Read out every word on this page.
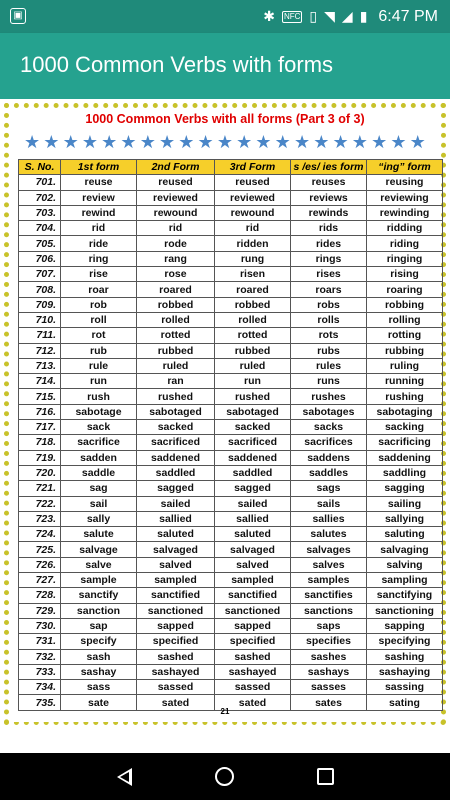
▣	✱ NFC ▯ ◥ ◢ ▮ 6:47 PM
1000 Common Verbs with forms
1000 Common Verbs with all forms (Part 3 of 3)
★ ★ ★ ★ ★ ★ ★ ★ ★ ★ ★ ★ ★ ★ ★ ★ ★ ★ ★ ★ ★
S. No.	1st form	2nd Form	3rd Form	s /es/ ies form	“ing” form
701.	reuse	reused	reused	reuses	reusing
702.	review	reviewed	reviewed	reviews	reviewing
703.	rewind	rewound	rewound	rewinds	rewinding
704.	rid	rid	rid	rids	ridding
705.	ride	rode	ridden	rides	riding
706.	ring	rang	rung	rings	ringing
707.	rise	rose	risen	rises	rising
708.	roar	roared	roared	roars	roaring
709.	rob	robbed	robbed	robs	robbing
710.	roll	rolled	rolled	rolls	rolling
711.	rot	rotted	rotted	rots	rotting
712.	rub	rubbed	rubbed	rubs	rubbing
713.	rule	ruled	ruled	rules	ruling
714.	run	ran	run	runs	running
715.	rush	rushed	rushed	rushes	rushing
716.	sabotage	sabotaged	sabotaged	sabotages	sabotaging
717.	sack	sacked	sacked	sacks	sacking
718.	sacrifice	sacrificed	sacrificed	sacrifices	sacrificing
719.	sadden	saddened	saddened	saddens	saddening
720.	saddle	saddled	saddled	saddles	saddling
721.	sag	sagged	sagged	sags	sagging
722.	sail	sailed	sailed	sails	sailing
723.	sally	sallied	sallied	sallies	sallying
724.	salute	saluted	saluted	salutes	saluting
725.	salvage	salvaged	salvaged	salvages	salvaging
726.	salve	salved	salved	salves	salving
727.	sample	sampled	sampled	samples	sampling
728.	sanctify	sanctified	sanctified	sanctifies	sanctifying
729.	sanction	sanctioned	sanctioned	sanctions	sanctioning
730.	sap	sapped	sapped	saps	sapping
731.	specify	specified	specified	specifies	specifying
732.	sash	sashed	sashed	sashes	sashing
733.	sashay	sashayed	sashayed	sashays	sashaying
734.	sass	sassed	sassed	sasses	sassing
735.	sate	sated	sated	sates	sating
21
